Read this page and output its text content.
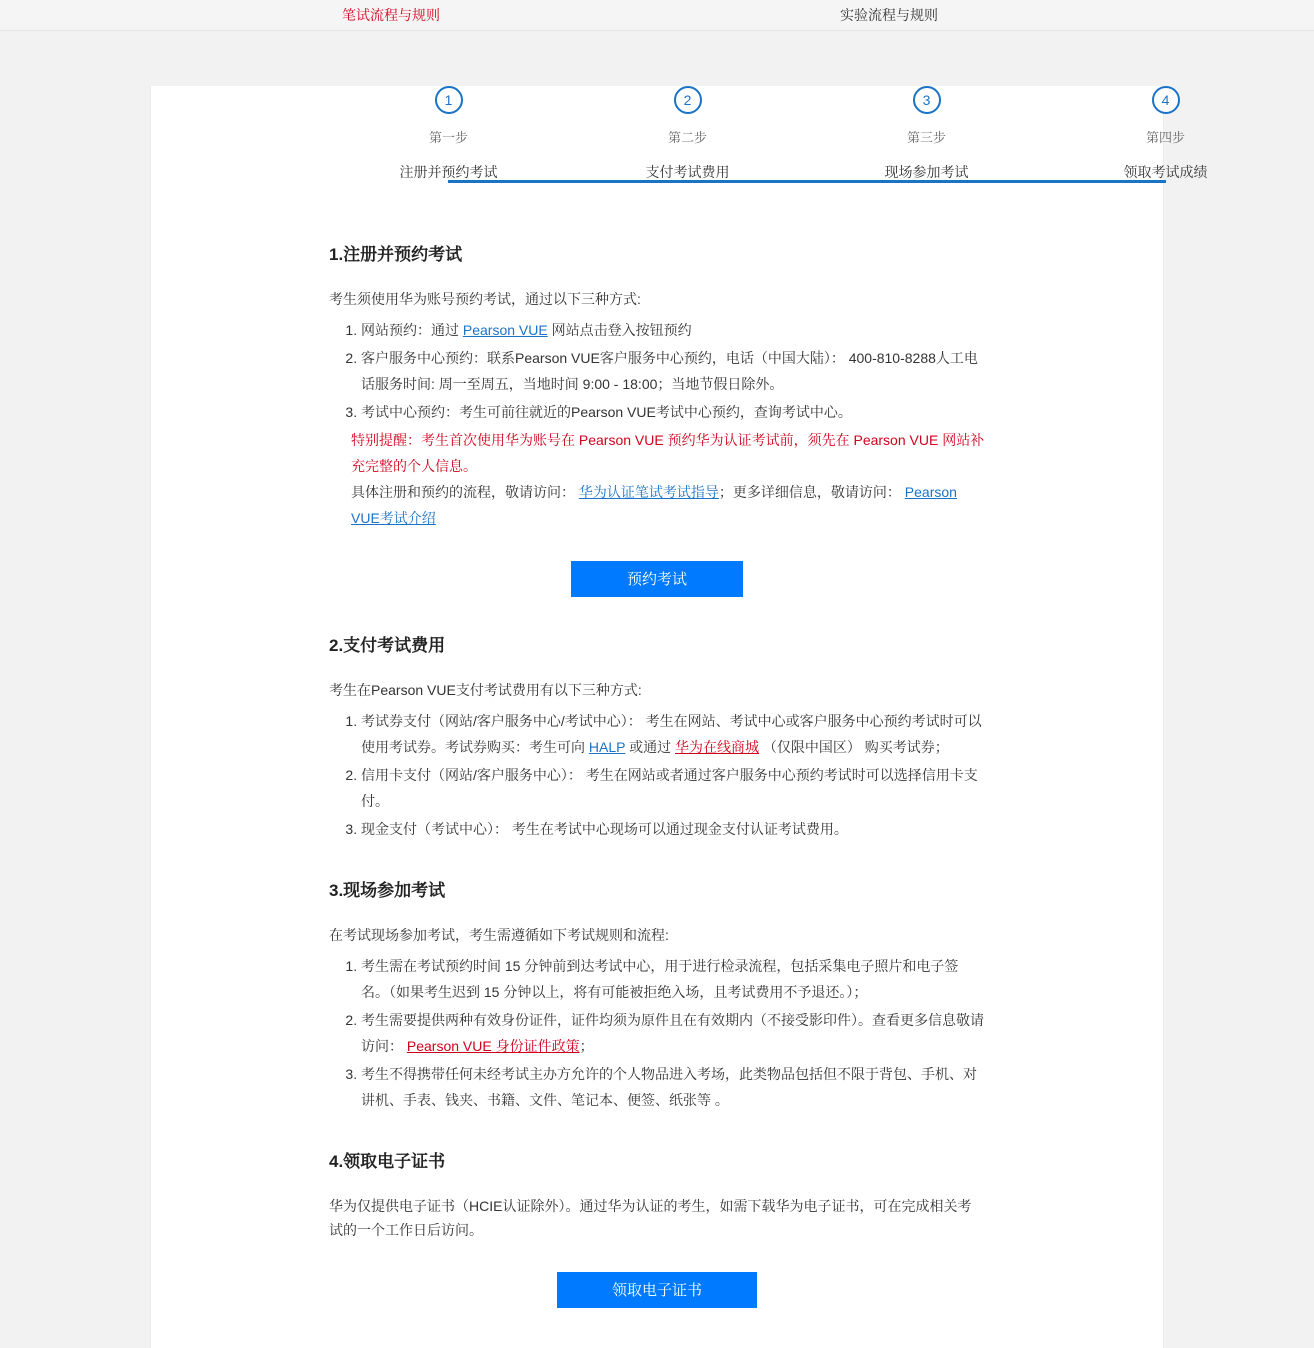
笔试流程与规则	实验流程与规则
1
第一步
注册并预约考试
2
第二步
支付考试费用
3
第三步
现场参加考试
4
第四步
领取考试成绩
1.注册并预约考试

考生须使用华为账号预约考试，通过以下三种方式:

1. 网站预约：通过 Pearson VUE 网站点击登入按钮预约
2. 客户服务中心预约：联系Pearson VUE客户服务中心预约，电话（中国大陆）： 400-810-8288人工电话服务时间: 周一至周五，当地时间 9:00 - 18:00；当地节假日除外。
3. 考试中心预约：考生可前往就近的Pearson VUE考试中心预约，查询考试中心。
特别提醒：考生首次使用华为账号在 Pearson VUE 预约华为认证考试前，须先在 Pearson VUE 网站补充完整的个人信息。
具体注册和预约的流程，敬请访问： 华为认证笔试考试指导；更多详细信息，敬请访问： Pearson VUE考试介绍
预约考试
2.支付考试费用

考生在Pearson VUE支付考试费用有以下三种方式:

1. 考试券支付（网站/客户服务中心/考试中心）： 考生在网站、考试中心或客户服务中心预约考试时可以使用考试券。考试券购买：考生可向 HALP 或通过 华为在线商城 （仅限中国区） 购买考试券；
2. 信用卡支付（网站/客户服务中心）： 考生在网站或者通过客户服务中心预约考试时可以选择信用卡支付。
3. 现金支付（考试中心）： 考生在考试中心现场可以通过现金支付认证考试费用。
3.现场参加考试

在考试现场参加考试，考生需遵循如下考试规则和流程:

1. 考生需在考试预约时间 15 分钟前到达考试中心，用于进行检录流程，包括采集电子照片和电子签名。（如果考生迟到 15 分钟以上，将有可能被拒绝入场，且考试费用不予退还。）；
2. 考生需要提供两种有效身份证件，证件均须为原件且在有效期内（不接受影印件）。查看更多信息敬请访问： Pearson VUE 身份证件政策；
3. 考生不得携带任何未经考试主办方允许的个人物品进入考场，此类物品包括但不限于背包、手机、对讲机、手表、钱夹、书籍、文件、笔记本、便签、纸张等 。
4.领取电子证书

华为仅提供电子证书（HCIE认证除外）。通过华为认证的考生，如需下载华为电子证书，可在完成相关考试的一个工作日后访问。

领取电子证书
